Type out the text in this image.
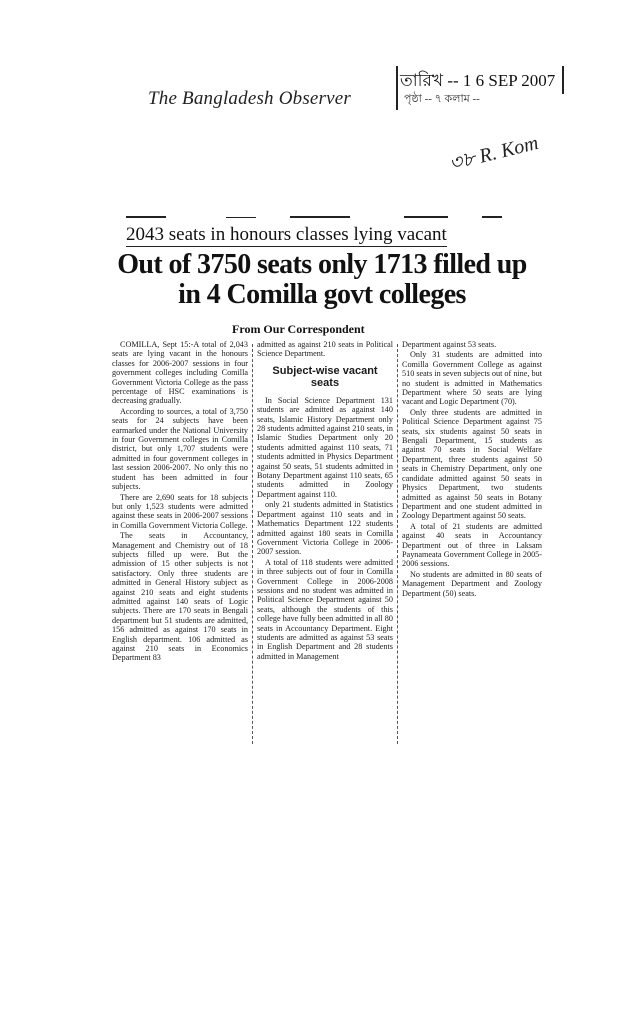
The Bangladesh Observer
তারিখ -- 1 6 SEP 2007
পৃষ্ঠা -- ৭ কলাম --
৩৮ R. Kom
2043 seats in honours classes lying vacant
Out of 3750 seats only 1713 filled up in 4 Comilla govt colleges
From Our Correspondent

COMILLA, Sept 15:-A total of 2,043 seats are lying vacant in the honours classes for 2006-2007 sessions in four government colleges including Comilla Government Victoria College as the pass percentage of HSC examinations is decreasing gradually.

According to sources, a total of 3,750 seats for 24 subjects have been earmarked under the National University in four Government colleges in Comilla district, but only 1,707 students were admitted in four government colleges in last session 2006-2007. No only this no student has been admitted in four subjects.

There are 2,690 seats for 18 subjects but only 1,523 students were admitted against these seats in 2006-2007 sessions in Comilla Government Victoria College.

The seats in Accountancy, Management and Chemistry out of 18 subjects filled up were. But the admission of 15 other subjects is not satisfactory. Only three students are admitted in General History subject as against 210 seats and eight students admitted against 140 seats of Logic subjects. There are 170 seats in Bengali department but 51 students are admitted, 156 admitted as against 170 seats in English department. 106 admitted as against 210 seats in Economics Department 83

admitted as against 210 seats in Political Science Department.

Subject-wise vacant seats

In Social Science Department 131 students are admitted as against 140 seats, Islamic History Department only 28 students admitted against 210 seats, in Islamic Studies Department only 20 students admitted against 110 seats, 71 students admitted in Physics Department against 50 seats, 51 students admitted in Botany Department against 110 seats, 65 students admitted in Zoology Department against 110.

only 21 students admitted in Statistics Department against 110 seats and in Mathematics Department 122 students admitted against 180 seats in Comilla Government Victoria College in 2006-2007 session.

A total of 118 students were admitted in three subjects out of four in Comilla Government College in 2006-2008 sessions and no student was admitted in Political Science Department against 50 seats, although the students of this college have fully been admitted in all 80 seats in Accountancy Department. Eight students are admitted as against 53 seats in English Department and 28 students admitted in Management

Department against 53 seats.

Only 31 students are admitted into Comilla Government College as against 510 seats in seven subjects out of nine, but no student is admitted in Mathematics Department where 50 seats are lying vacant and Logic Department (70).

Only three students are admitted in Political Science Department against 75 seats, six students against 50 seats in Bengali Department, 15 students as against 70 seats in Social Welfare Department, three students against 50 seats in Chemistry Department, only one candidate admitted against 50 seats in Physics Department, two students admitted as against 50 seats in Botany Department and one student admitted in Zoology Department against 50 seats.

A total of 21 students are admitted against 40 seats in Accountancy Department out of three in Laksam Paynameata Government College in 2005-2006 sessions.

No students are admitted in 80 seats of Management Department and Zoology Department (50) seats.
